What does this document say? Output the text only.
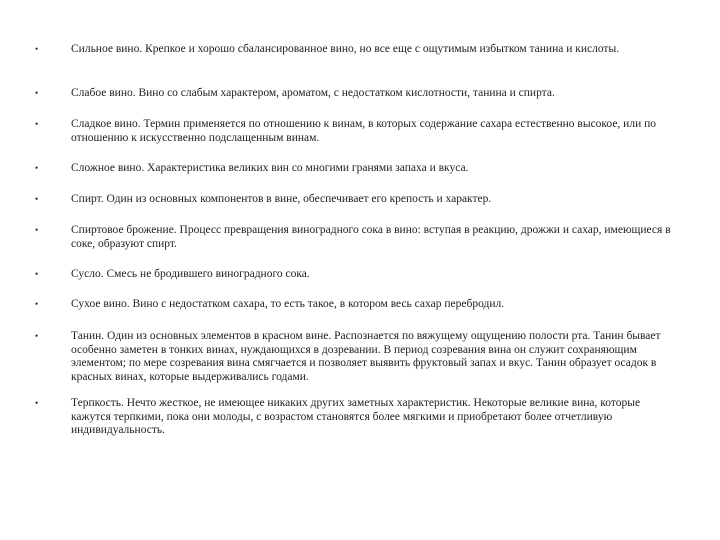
•	Сильное вино. Крепкое и хорошо сбалансированное вино, но все еще с ощутимым избытком танина и кислоты.
•	Слабое вино. Вино со слабым характером, ароматом, с недостатком кислотности, танина и спирта.
•	Сладкое вино. Термин применяется по отношению к винам, в которых содержание сахара естественно высокое, или по отношению к искусственно подслащенным винам.
•	Сложное вино. Характеристика великих вин со многими гранями запаха и вкуса.
•	Спирт. Один из основных компонентов в вине, обеспечивает его крепость и характер.
•	Спиртовое брожение. Процесс превращения виноградного сока в вино: вступая в реакцию, дрожжи и сахар, имеющиеся в соке, образуют спирт.
•	Сусло. Смесь не бродившего виноградного сока.
•	Сухое вино. Вино с недостатком сахара, то есть такое, в котором весь сахар перебродил.
•	Танин. Один из основных элементов в красном вине. Распознается по вяжущему ощущению полости рта. Танин бывает особенно заметен в тонких винах, нуждающихся в дозревании. В период созревания вина он служит сохраняющим элементом; по мере созревания вина смягчается и позволяет выявить фруктовый запах и вкус. Танин образует осадок в красных винах, которые выдерживались годами.
•	Терпкость. Нечто жесткое, не имеющее никаких других заметных характеристик. Некоторые великие вина, которые кажутся терпкими, пока они молоды, с возрастом становятся более мягкими и приобретают более отчетливую индивидуальность.
